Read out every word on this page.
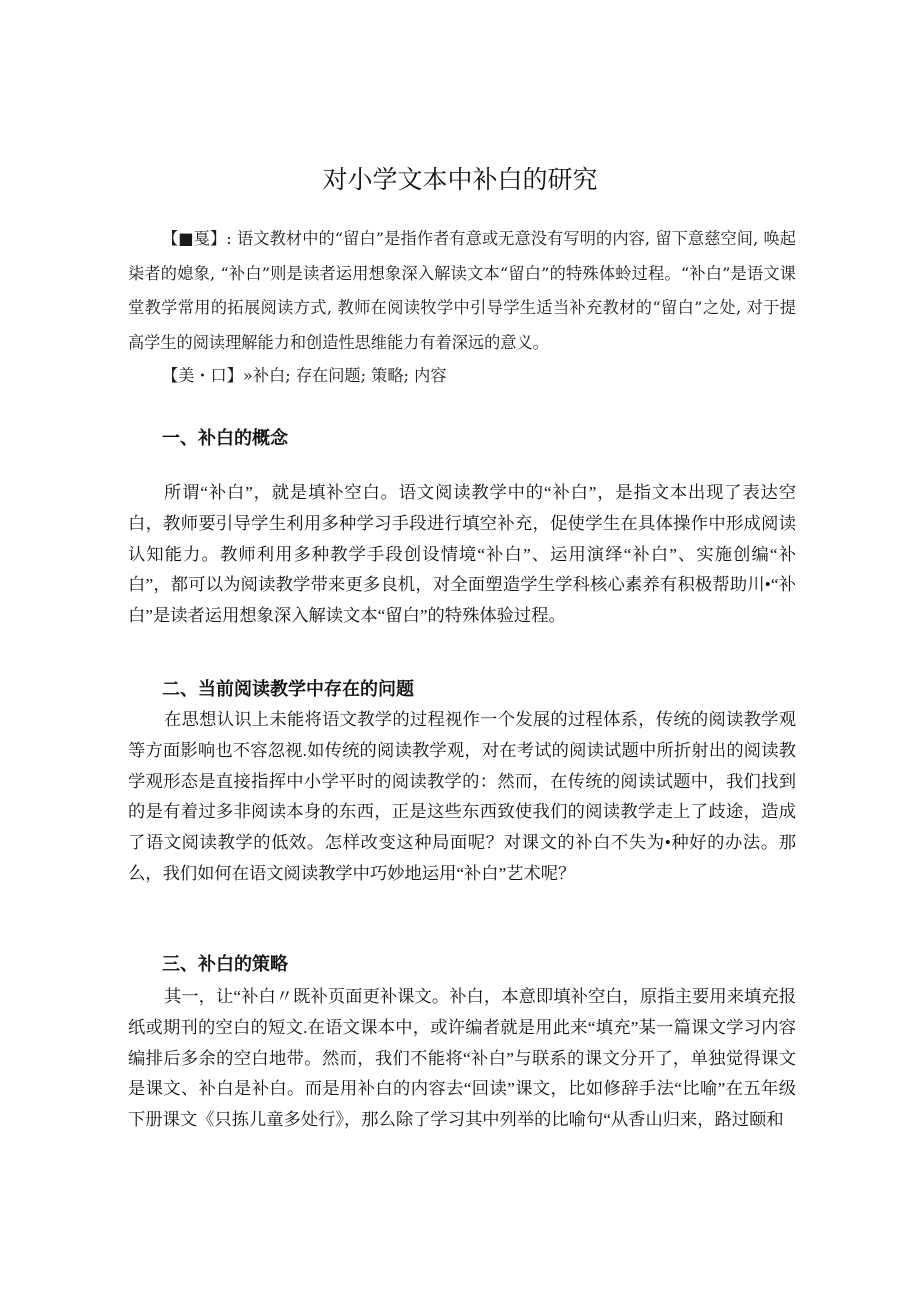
对小学文本中补白的研究

【■戛】: 语文教材中的“留白”是指作者有意或无意没有写明的内容, 留下意慈空间, 唤起柒者的媳象, “补白”则是读者运用想象深入解读文本“留白”的特殊体蛉过程。“补白”是语文课堂教学常用的拓展阅读方式, 教师在阅读牧学中引导学生适当补充教材的“留白”之处, 对于提高学生的阅读理解能力和创造性思维能力有着深远的意义。

【美・口】»补白; 存在问题; 策略; 内容

一、补白的概念

所谓“补白”，就是填补空白。语文阅读教学中的“补白”，是指文本出现了表达空白，教师要引导学生利用多种学习手段进行填空补充，促使学生在具体操作中形成阅读认知能力。教师利用多种教学手段创设情境“补白”、运用演绎“补白”、实施创编“补白”，都可以为阅读教学带来更多良机，对全面塑造学生学科核心素养有积极帮助川•“补白”是读者运用想象深入解读文本“留白”的特殊体验过程。

二、当前阅读教学中存在的问题

在思想认识上未能将语文教学的过程视作一个发展的过程体系，传统的阅读教学观等方面影响也不容忽视.如传统的阅读教学观，对在考试的阅读试题中所折射出的阅读教学观形态是直接指挥中小学平时的阅读教学的：然而，在传统的阅读试题中，我们找到的是有着过多非阅读本身的东西，正是这些东西致使我们的阅读教学走上了歧途，造成了语文阅读教学的低效。怎样改变这种局面呢？对课文的补白不失为•种好的办法。那么，我们如何在语文阅读教学中巧妙地运用“补白”艺术呢？

三、补白的策略

其一，让“补白〃既补页面更补课文。补白，本意即填补空白，原指主要用来填充报纸或期刊的空白的短文.在语文课本中，或许编者就是用此来“填充”某一篇课文学习内容编排后多余的空白地带。然而，我们不能将“补白”与联系的课文分开了，单独觉得课文是课文、补白是补白。而是用补白的内容去“回读”课文，比如修辞手法“比喻”在五年级下册课文《只拣儿童多处行》，那么除了学习其中列举的比喻句“从香山归来，路过颐和
